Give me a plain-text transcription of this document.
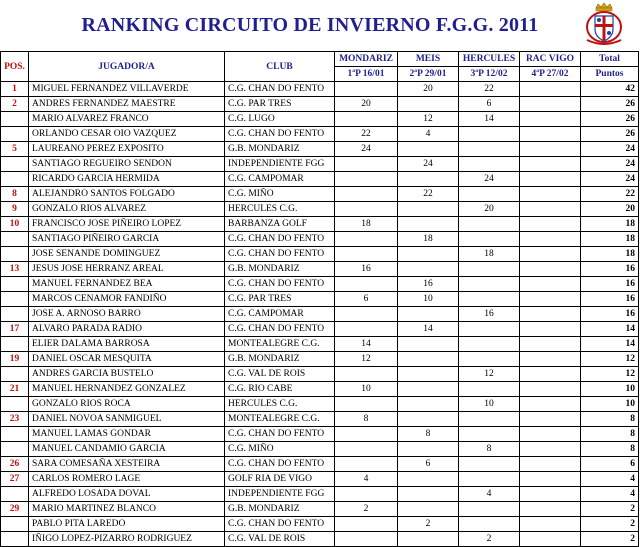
RANKING CIRCUITO DE INVIERNO F.G.G. 2011
POS.	JUGADOR/A	CLUB	MONDARIZ	MEIS	HERCULES	RAC VIGO	Total
			1ªP 16/01	2ªP 29/01	3ªP 12/02	4ªP 27/02	Puntos
1	MIGUEL FERNANDEZ VILLAVERDE	C.G. CHAN DO FENTO		20	22		42
2	ANDRES FERNANDEZ MAESTRE	C.G. PAR TRES	20		6		26
	MARIO ALVAREZ FRANCO	C.G. LUGO		12	14		26
	ORLANDO CESAR OIO VAZQUEZ	C.G. CHAN DO FENTO	22	4			26
5	LAUREANO PEREZ EXPOSITO	G.B. MONDARIZ	24				24
	SANTIAGO REGUEIRO SENDON	INDEPENDIENTE FGG		24			24
	RICARDO GARCIA HERMIDA	C.G. CAMPOMAR			24		24
8	ALEJANDRO SANTOS FOLGADO	C.G. MIÑO		22			22
9	GONZALO RIOS ALVAREZ	HERCULES C.G.			20		20
10	FRANCISCO JOSE PIÑEIRO LOPEZ	BARBANZA GOLF	18				18
	SANTIAGO PIÑEIRO GARCIA	C.G. CHAN DO FENTO		18			18
	JOSE SENANDE DOMINGUEZ	C.G. CHAN DO FENTO			18		18
13	JESUS JOSE HERRANZ AREAL	G.B. MONDARIZ	16				16
	MANUEL FERNANDEZ BEA	C.G. CHAN DO FENTO		16			16
	MARCOS CENAMOR FANDIÑO	C.G. PAR TRES	6	10			16
	JOSE A. ARNOSO BARRO	C.G. CAMPOMAR			16		16
17	ALVARO PARADA RADIO	C.G. CHAN DO FENTO		14			14
	ELIER DALAMA BARROSA	MONTEALEGRE C.G.	14				14
19	DANIEL OSCAR MESQUITA	G.B. MONDARIZ	12				12
	ANDRES GARCIA BUSTELO	C.G. VAL DE ROIS			12		12
21	MANUEL HERNANDEZ GONZALEZ	C.G. RIO CABE	10				10
	GONZALO RIOS ROCA	HERCULES C.G.			10		10
23	DANIEL NOVOA SANMIGUEL	MONTEALEGRE C.G.	8				8
	MANUEL LAMAS GONDAR	C.G. CHAN DO FENTO		8			8
	MANUEL CANDAMIO GARCIA	C.G. MIÑO			8		8
26	SARA COMESAÑA XESTEIRA	C.G. CHAN DO FENTO		6			6
27	CARLOS ROMERO LAGE	GOLF RIA DE VIGO	4				4
	ALFREDO LOSADA DOVAL	INDEPENDIENTE FGG			4		4
29	MARIO MARTINEZ BLANCO	G.B. MONDARIZ	2				2
	PABLO PITA LAREDO	C.G. CHAN DO FENTO		2			2
	IÑIGO LOPEZ-PIZARRO RODRIGUEZ	C.G. VAL DE ROIS			2		2
